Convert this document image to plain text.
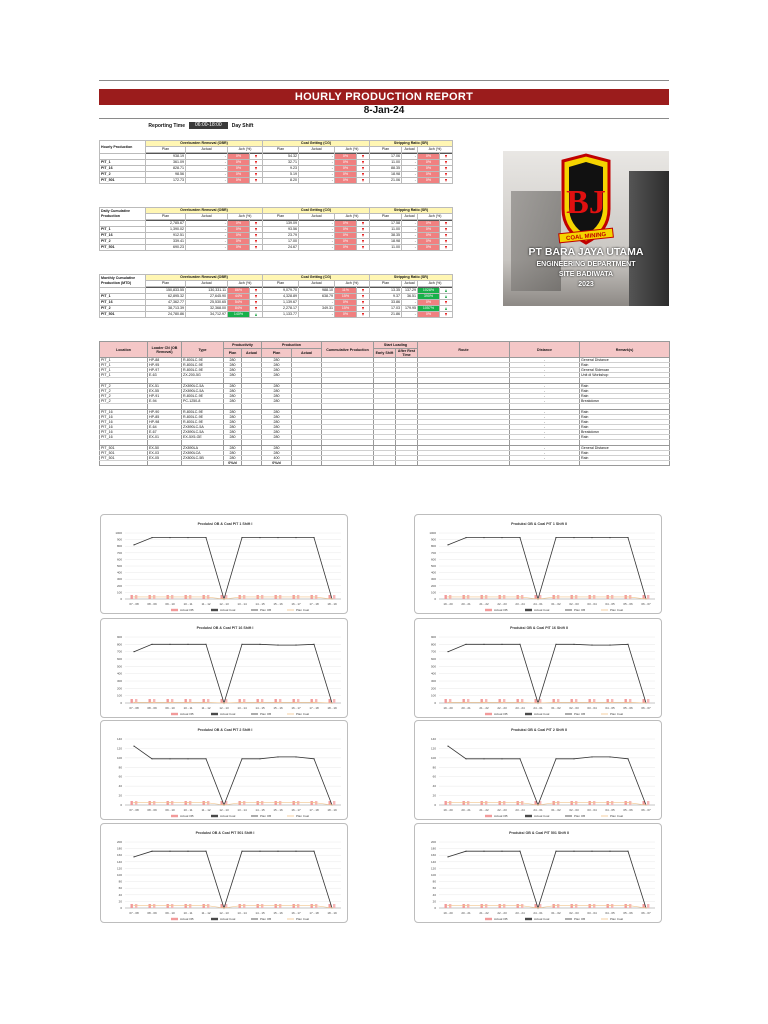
HOURLY PRODUCTION REPORT
8-Jan-24
Reporting Time	06:00-18:00	Day Shift
Hourly Production	Overburden Removal (OBR)				Coal Getting (CG)				Stripping Ratio (SR)			
	Plan	Actual	Ach (%)		Plan	Actual	Ach (%)		Plan	Actual	Ach (%)	

	938.19	-	0%		54.32	-	0%		17.06	-	0%	
PIT_1	361.09	-	0%		32.71	-	0%		11.00	-	0%	
PIT_16	828.71	-	0%		9.23	-	0%		88.35	-	0%	
PIT_2	98.56	-	0%		5.19	-	0%		18.98	-	0%	
PIT_501	172.73	-	0%		8.20	-	0%		21.06	-	0%	
Daily Cumulative Production	Overburden Removal (OBR)				Coal Getting (CG)				Stripping Ratio (SR)			
	Plan	Actual	Ach (%)		Plan	Actual	Ach (%)		Plan	Actual	Ach (%)	

	2,785.67	-	0%		139.09	-	0%		17.58	-	0%	
PIT_1	1,390.02	-	0%		93.56	-	0%		11.00	-	0%	
PIT_16	912.51	-	0%		23.79	-	0%		38.35	-	0%	
PIT_2	339.41	-	0%		17.00	-	0%		18.98	-	0%	
PIT_501	690.23	-	0%		24.67	-	0%		11.00	-	0%	
Monthly Cumulative Production (MTD)	Overburden Removal (OBR)				Coal Getting (CG)				Stripping Ratio (SR)			
	Plan	Actual	Ach (%)		Plan	Actual	Ach (%)		Plan	Actual	Ach (%)	

	150,833.55	130,331.11	86%		9,079.70	988.10	11%		13.35	137.29	1028%	
PIT_1	62,895.32	27,645.90	44%		4,328.89	638.79	15%		9.37	36.51	390%	
PIT_16	47,362.77	25,530.65	54%		1,139.67	-	0%		33.86	-	0%	
PIT_2	38,713.39	32,368.00	84%		2,278.17	349.31	15%		17.03	179.95	1057%	
PIT_501	24,780.86	34,712.97	140%		1,133.77	-	0%		21.86	-	0%	
BJ
COAL MINING
PT BARA JAYA UTAMA
ENGINEERING DEPARTMENT
SITE BADIWATA
2023
Location	Loader CN (OB Removal)	Type	Productivity		Production		Cummulative Production	Start Loading		Route	Distance	Remark(s)
			Plan	Actual	Plan	Actual		Early Shift	After Rest Time			
PIT_1	HP-88	R-800LC-9E	280		280						-	General Distance
PIT_1	HP-95	R-800LC-9E	280		280						-	Rain
PIT_1	HP-97	R-800LC-9E	280		280						-	General Sideroan
PIT_1	E-63	ZX-200-5G	280		280						-	Unit di Workshop

PIT_2	EX-51	ZX890LC-5A	280		280						-	Rain
PIT_2	EX-55	ZX890LC-5A	280		280						-	Rain
PIT_2	HP-91	R-800LC-9E	280		280						-	Rain
PIT_2	E-94	PC-1250-8	280		280						-	Breakdown

PIT_16	HP-90	R-800LC-9E	280		280						-	Rain
PIT_16	HP-85	R-800LC-9E	280		280						-	Rain
PIT_16	HP-98	R-800LC-9E	280		280						-	Rain
PIT_16	E-64	ZX890LC-5A	280		280						-	Rain
PIT_16	E-67	ZX890LC-5A	280		280						-	Breakdown
PIT_16	EX-01	EX-5X5-GE	280		280						-	Rain

PIT_501	EX-50	ZX890LA	280		280						-	General Distance
PIT_501	EX-03	ZX890LCA	280		280						-	Rain
PIT_501	EX-05	ZX800LC-5B	280		400						-	Rain
			0%/d		0%/d							
Produksi OB & Coal PIT 1 Shift I
0
100
200
300
400
500
600
700
800
900
1000
07 - 08	08 - 09	09 - 10	10 - 11	11 - 12	12 - 13	13 - 14	14 - 15	15 - 16	16 - 17	17 - 18	18 - 19
Actual OB	Actual Coal	Plan OB	Plan Coal
Produksi OB & Coal PIT 1 Shift II
0
100
200
300
400
500
600
700
800
900
1000
19 - 20	20 - 21	21 - 22	22 - 23	23 - 24	24 - 01	01 - 02	02 - 03	03 - 04	04 - 05	05 - 06	06 - 07
Actual OB	Actual Coal	Plan OB	Plan Coal
Produksi OB & Coal PIT 16 Shift I
0
100
200
300
400
500
600
700
800
900
07 - 08	08 - 09	09 - 10	10 - 11	11 - 12	12 - 13	13 - 14	14 - 15	15 - 16	16 - 17	17 - 18	18 - 19
Actual OB	Actual Coal	Plan OB	Plan Coal
Produksi OB & Coal PIT 16 Shift II
0
100
200
300
400
500
600
700
800
900
19 - 20	20 - 21	21 - 22	22 - 23	23 - 24	24 - 01	01 - 02	02 - 03	03 - 04	04 - 05	05 - 06	06 - 07
Actual OB	Actual Coal	Plan OB	Plan Coal
Produksi OB & Coal PIT 2 Shift I
0
20
40
60
80
100
120
140
07 - 08	08 - 09	09 - 10	10 - 11	11 - 12	12 - 13	13 - 14	14 - 15	15 - 16	16 - 17	17 - 18	18 - 19
Actual OB	Actual Coal	Plan OB	Plan Coal
Produksi OB & Coal PIT 2 Shift II
0
20
40
60
80
100
120
140
19 - 20	20 - 21	21 - 22	22 - 23	23 - 24	24 - 01	01 - 02	02 - 03	03 - 04	04 - 05	05 - 06	06 - 07
Actual OB	Actual Coal	Plan OB	Plan Coal
Produksi OB & Coal PIT 501 Shift I
0
20
40
60
80
100
120
140
160
180
200
07 - 08	08 - 09	09 - 10	10 - 11	11 - 12	12 - 13	13 - 14	14 - 15	15 - 16	16 - 17	17 - 18	18 - 19
Actual OB	Actual Coal	Plan OB	Plan Coal
Produksi OB & Coal PIT 501 Shift II
0
20
40
60
80
100
120
140
160
180
200
19 - 20	20 - 21	21 - 22	22 - 23	23 - 24	24 - 01	01 - 02	02 - 03	03 - 04	04 - 05	05 - 06	06 - 07
Actual OB	Actual Coal	Plan OB	Plan Coal
